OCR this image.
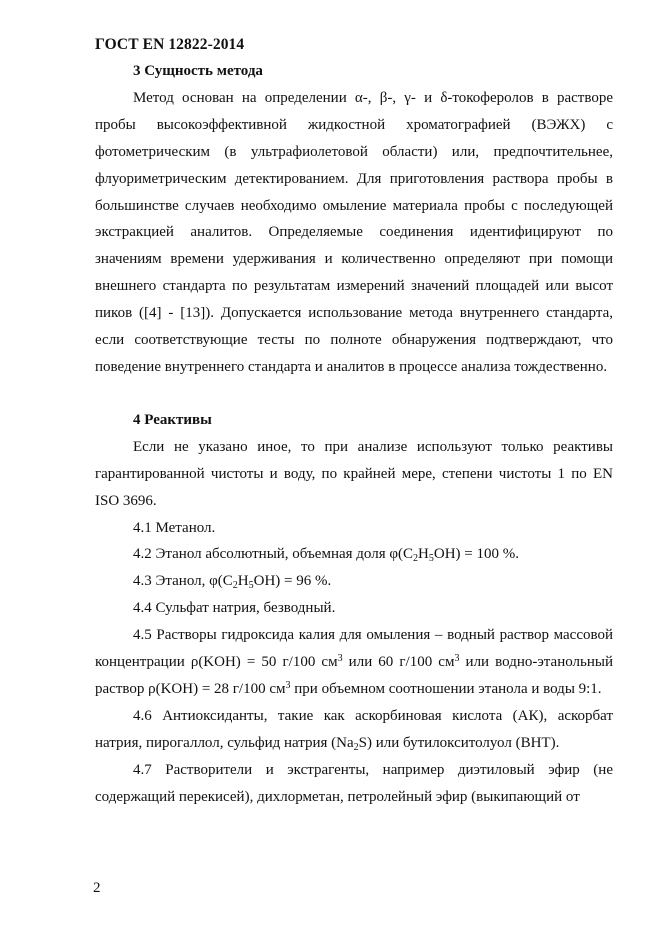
ГОСТ EN 12822-2014

3 Сущность метода

Метод основан на определении α-, β-, γ- и δ-токоферолов в растворе пробы высокоэффективной жидкостной хроматографией (ВЭЖХ) с фотометрическим (в ультрафиолетовой области) или, предпочтительнее, флуориметрическим детектированием. Для приготовления раствора пробы в большинстве случаев необходимо омыление материала пробы с последующей экстракцией аналитов. Определяемые соединения идентифицируют по значениям времени удерживания и количественно определяют при помощи внешнего стандарта по результатам измерений значений площадей или высот пиков ([4] - [13]). Допускается использование метода внутреннего стандарта, если соответствующие тесты по полноте обнаружения подтверждают, что поведение внутреннего стандарта и аналитов в процессе анализа тождественно.

4 Реактивы

Если не указано иное, то при анализе используют только реактивы гарантированной чистоты и воду, по крайней мере, степени чистоты 1 по EN ISO 3696.

4.1 Метанол.

4.2 Этанол абсолютный, объемная доля $\varphi(C_2H_5OH) = 100$ %.

4.3 Этанол, $\varphi(C_2H_5OH) = 96$ %.

4.4 Сульфат натрия, безводный.

4.5 Растворы гидроксида калия для омыления – водный раствор массовой концентрации ρ(KOH) = 50 г/100 $см^3$ или 60 г/100 $см^3$ или водно-этанольный раствор ρ(KOH) = 28 г/100 $см^3$ при объемном соотношении этанола и воды 9:1.

4.6 Антиоксиданты, такие как аскорбиновая кислота (АК), аскорбат натрия, пирогаллол, сульфид натрия $(Na_2S)$ или бутилокситолуол (BHT).

4.7 Растворители и экстрагенты, например диэтиловый эфир (не содержащий перекисей), дихлорметан, петролейный эфир (выкипающий от

2
